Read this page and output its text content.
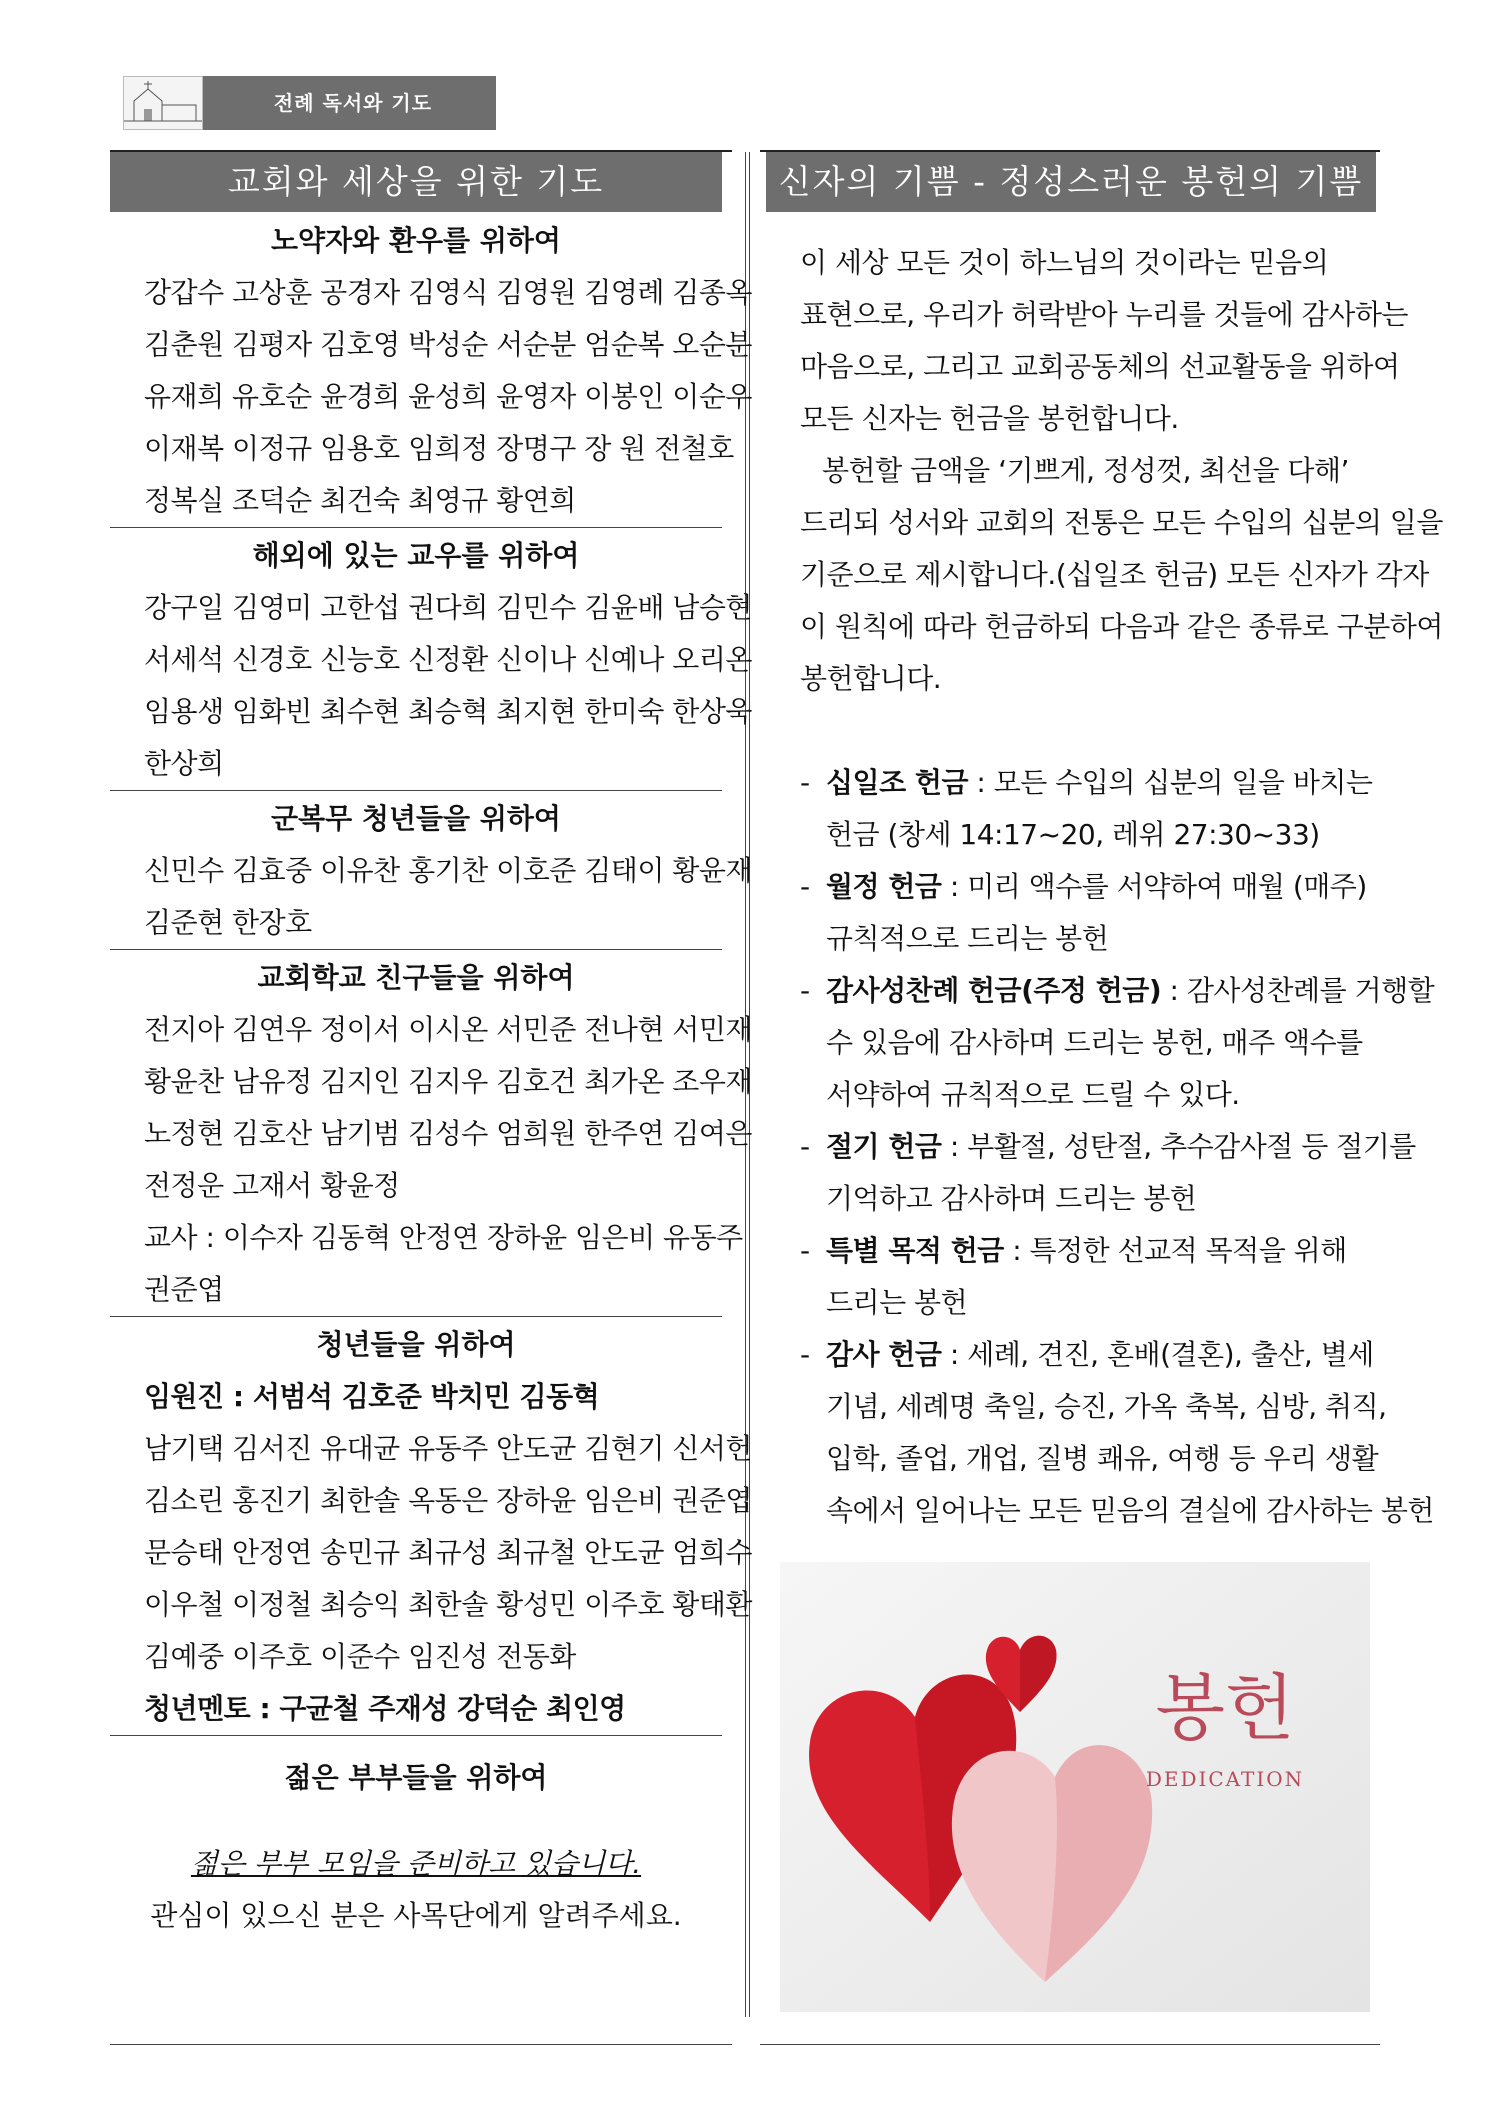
전례 독서와 기도
교회와 세상을 위한 기도	신자의 기쁨 - 정성스러운 봉헌의 기쁨
노약자와 환우를 위하여
강갑수 고상훈 공경자 김영식 김영원 김영례 김종옥
김춘원 김평자 김호영 박성순 서순분 엄순복 오순분
유재희 유호순 윤경희 윤성희 윤영자 이봉인 이순우
이재복 이정규 임용호 임희정 장명구 장 원 전철호
정복실 조덕순 최건숙 최영규 황연희
해외에 있는 교우를 위하여
강구일 김영미 고한섭 권다희 김민수 김윤배 남승현
서세석 신경호 신능호 신정환 신이나 신예나 오리온
임용생 임화빈 최수현 최승혁 최지현 한미숙 한상욱
한상희
군복무 청년들을 위하여
신민수 김효중 이유찬 홍기찬 이호준 김태이 황윤재
김준현 한장호
교회학교 친구들을 위하여
전지아 김연우 정이서 이시온 서민준 전나현 서민재
황윤찬 남유정 김지인 김지우 김호건 최가온 조우재
노정현 김호산 남기범 김성수 엄희원 한주연 김여은
전정운 고재서 황윤정
교사 : 이수자 김동혁 안정연 장하윤 임은비 유동주
권준엽
청년들을 위하여
임원진 : 서범석 김호준 박치민 김동혁
남기택 김서진 유대균 유동주 안도균 김현기 신서헌
김소린 홍진기 최한솔 옥동은 장하윤 임은비 권준엽
문승태 안정연 송민규 최규성 최규철 안도균 엄희수
이우철 이정철 최승익 최한솔 황성민 이주호 황태환
김예중 이주호 이준수 임진성 전동화
청년멘토 : 구균철 주재성 강덕순 최인영
젊은 부부들을 위하여
젊은 부부 모임을 준비하고 있습니다.
관심이 있으신 분은 사목단에게 알려주세요.
이 세상 모든 것이 하느님의 것이라는 믿음의
표현으로, 우리가 허락받아 누리를 것들에 감사하는
마음으로, 그리고 교회공동체의 선교활동을 위하여
모든 신자는 헌금을 봉헌합니다.
봉헌할 금액을 ‘기쁘게, 정성껏, 최선을 다해’
드리되 성서와 교회의 전통은 모든 수입의 십분의 일을
기준으로 제시합니다.(십일조 헌금) 모든 신자가 각자
이 원칙에 따라 헌금하되 다음과 같은 종류로 구분하여
봉헌합니다.
- 십일조 헌금 : 모든 수입의 십분의 일을 바치는
헌금 (창세 14:17~20, 레위 27:30~33)
- 월정 헌금 : 미리 액수를 서약하여 매월 (매주)
규칙적으로 드리는 봉헌
- 감사성찬례 헌금(주정 헌금) : 감사성찬례를 거행할
수 있음에 감사하며 드리는 봉헌, 매주 액수를
서약하여 규칙적으로 드릴 수 있다.
- 절기 헌금 : 부활절, 성탄절, 추수감사절 등 절기를
기억하고 감사하며 드리는 봉헌
- 특별 목적 헌금 : 특정한 선교적 목적을 위해
드리는 봉헌
- 감사 헌금 : 세례, 견진, 혼배(결혼), 출산, 별세
기념, 세례명 축일, 승진, 가옥 축복, 심방, 취직,
입학, 졸업, 개업, 질병 쾌유, 여행 등 우리 생활
속에서 일어나는 모든 믿음의 결실에 감사하는 봉헌
봉헌
DEDICATION
